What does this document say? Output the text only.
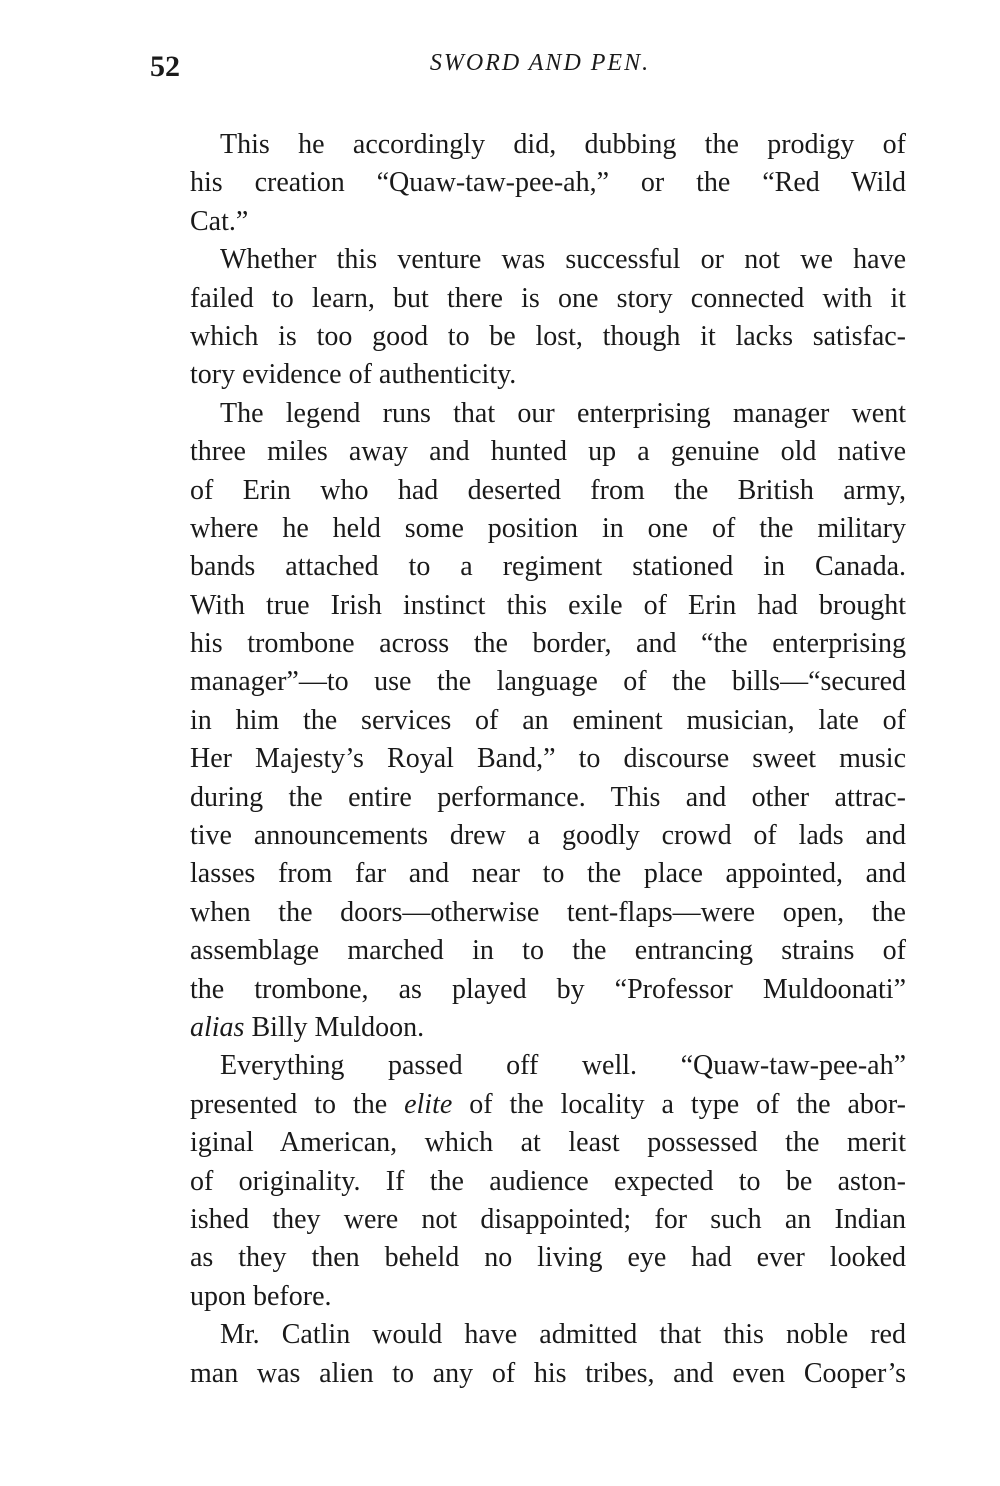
52	SWORD AND PEN.
This he accordingly did, dubbing the prodigy of
his creation “Quaw-taw-pee-ah,” or the “Red Wild
Cat.”
Whether this venture was successful or not we have
failed to learn, but there is one story connected with it
which is too good to be lost, though it lacks satisfac-
tory evidence of authenticity.
The legend runs that our enterprising manager went
three miles away and hunted up a genuine old native
of Erin who had deserted from the British army,
where he held some position in one of the military
bands attached to a regiment stationed in Canada.
With true Irish instinct this exile of Erin had brought
his trombone across the border, and “the enterprising
manager”—to use the language of the bills—“secured
in him the services of an eminent musician, late of
Her Majesty’s Royal Band,” to discourse sweet music
during the entire performance. This and other attrac-
tive announcements drew a goodly crowd of lads and
lasses from far and near to the place appointed, and
when the doors—otherwise tent-flaps—were open, the
assemblage marched in to the entrancing strains of
the trombone, as played by “Professor Muldoonati”
alias Billy Muldoon.
Everything passed off well. “Quaw-taw-pee-ah”
presented to the elite of the locality a type of the abor-
iginal American, which at least possessed the merit
of originality. If the audience expected to be aston-
ished they were not disappointed; for such an Indian
as they then beheld no living eye had ever looked
upon before.
Mr. Catlin would have admitted that this noble red
man was alien to any of his tribes, and even Cooper’s
